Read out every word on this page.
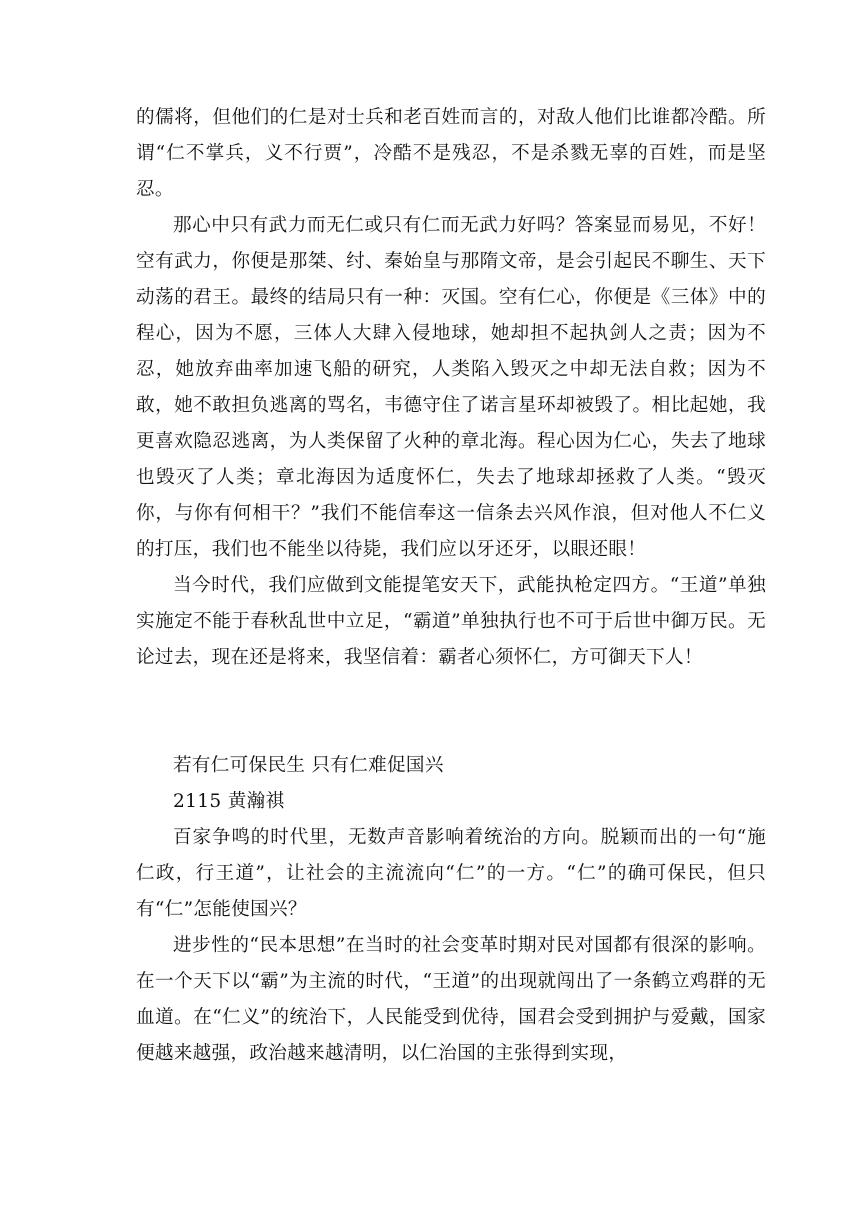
的儒将，但他们的仁是对士兵和老百姓而言的，对敌人他们比谁都冷酷。所谓“仁不掌兵，义不行贾”，冷酷不是残忍，不是杀戮无辜的百姓，而是坚忍。

那心中只有武力而无仁或只有仁而无武力好吗？答案显而易见，不好！空有武力，你便是那桀、纣、秦始皇与那隋文帝，是会引起民不聊生、天下动荡的君王。最终的结局只有一种：灭国。空有仁心，你便是《三体》中的程心，因为不愿，三体人大肆入侵地球，她却担不起执剑人之责；因为不忍，她放弃曲率加速飞船的研究，人类陷入毁灭之中却无法自救；因为不敢，她不敢担负逃离的骂名，韦德守住了诺言星环却被毁了。相比起她，我更喜欢隐忍逃离，为人类保留了火种的章北海。程心因为仁心，失去了地球也毁灭了人类；章北海因为适度怀仁，失去了地球却拯救了人类。“毁灭你，与你有何相干？”我们不能信奉这一信条去兴风作浪，但对他人不仁义的打压，我们也不能坐以待毙，我们应以牙还牙，以眼还眼！

当今时代，我们应做到文能提笔安天下，武能执枪定四方。“王道”单独实施定不能于春秋乱世中立足，“霸道”单独执行也不可于后世中御万民。无论过去，现在还是将来，我坚信着：霸者心须怀仁，方可御天下人！

若有仁可保民生 只有仁难促国兴

2115 黄瀚祺

百家争鸣的时代里，无数声音影响着统治的方向。脱颖而出的一句“施仁政，行王道”，让社会的主流流向“仁”的一方。“仁”的确可保民，但只有“仁”怎能使国兴？

进步性的“民本思想”在当时的社会变革时期对民对国都有很深的影响。在一个天下以“霸”为主流的时代，“王道”的出现就闯出了一条鹤立鸡群的无血道。在“仁义”的统治下，人民能受到优待，国君会受到拥护与爱戴，国家便越来越强，政治越来越清明，以仁治国的主张得到实现，
